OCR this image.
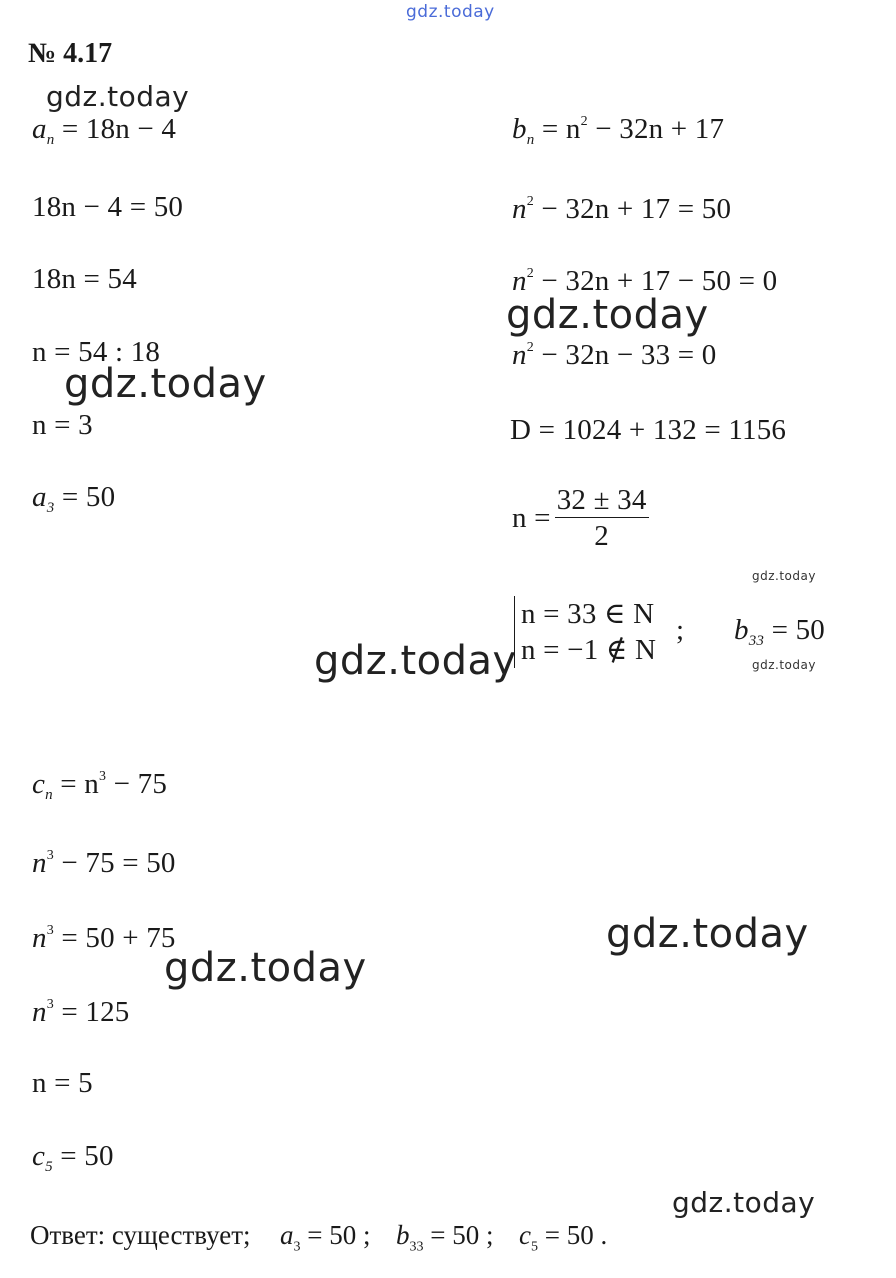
gdz.today
gdz.today
gdz.today
gdz.today
gdz.today
gdz.today	gdz.today
gdz.today
gdz.today
gdz.today
№ 4.17
$a_n = 18n - 4$
18n − 4 = 50
18n = 54
n = 54 : 18
n = 3
$a_3 = 50$
$b_n = n^2 - 32n + 17$
$n^2 - 32n + 17 = 50$
$n^2 - 32n + 17 - 50 = 0$
$n^2 - 32n - 33 = 0$
D = 1024 + 132 = 1156
$n = \frac{32 \pm 34}{2}$
n = 33 ∈ N
n = −1 ∉ N
; $b_{33} = 50$
$c_n = n^3 - 75$
$n^3 - 75 = 50$
$n^3 = 50 + 75$
$n^3 = 125$
n = 5
$c_5 = 50$
Ответ: существует; $a_3 = 50$ ; $b_{33} = 50$ ; $c_5 = 50$ .
